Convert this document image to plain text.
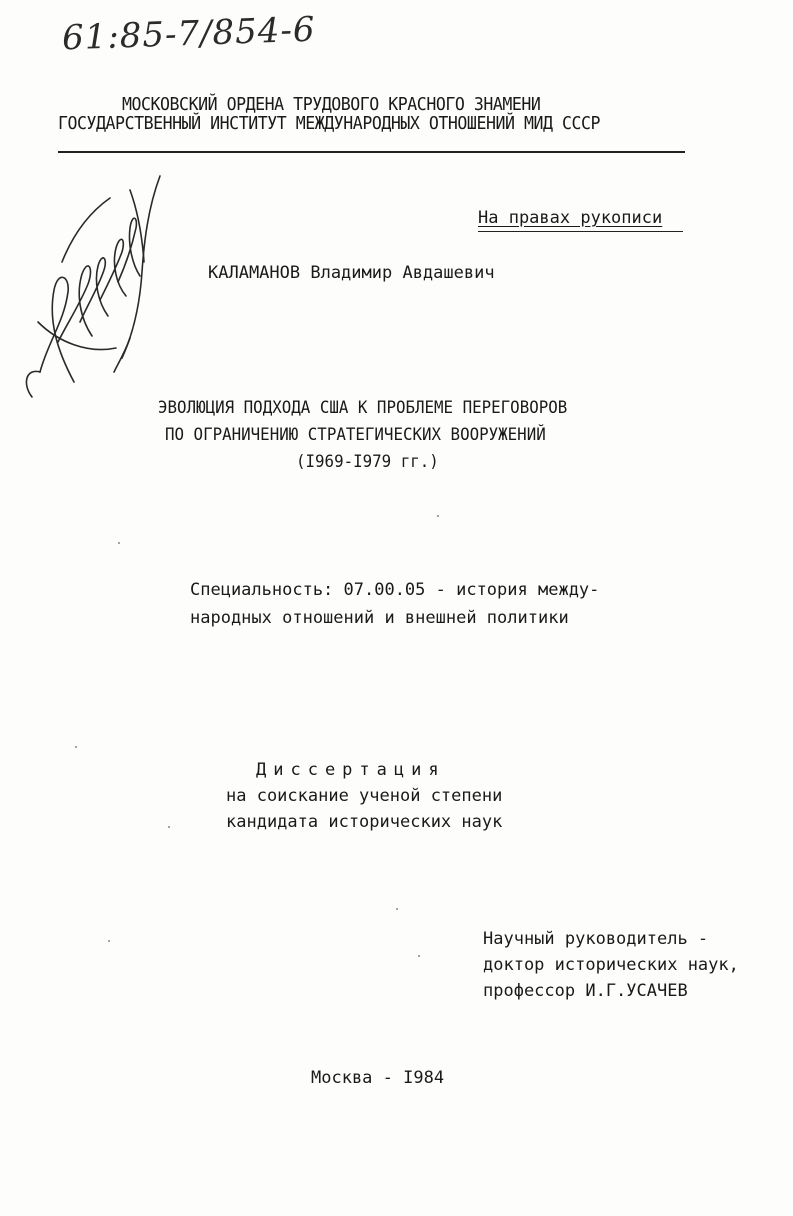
61:85-7/854-6
МОСКОВСКИЙ ОРДЕНА ТРУДОВОГО КРАСНОГО ЗНАМЕНИ
ГОСУДАРСТВЕННЫЙ ИНСТИТУТ МЕЖДУНАРОДНЫХ ОТНОШЕНИЙ МИД СССР
На правах рукописи
КАЛАМАНОВ Владимир Авдашевич
ЭВОЛЮЦИЯ ПОДХОДА США К ПРОБЛЕМЕ ПЕРЕГОВОРОВ
ПО ОГРАНИЧЕНИЮ СТРАТЕГИЧЕСКИХ ВООРУЖЕНИЙ
(I969-I979 гг.)
Специальность: 07.00.05 - история между-
народных отношений и внешней политики
Диссертация
на соискание ученой степени
кандидата исторических наук
Научный руководитель -
доктор исторических наук,
профессор И.Г.УСАЧЕВ
Москва - I984
